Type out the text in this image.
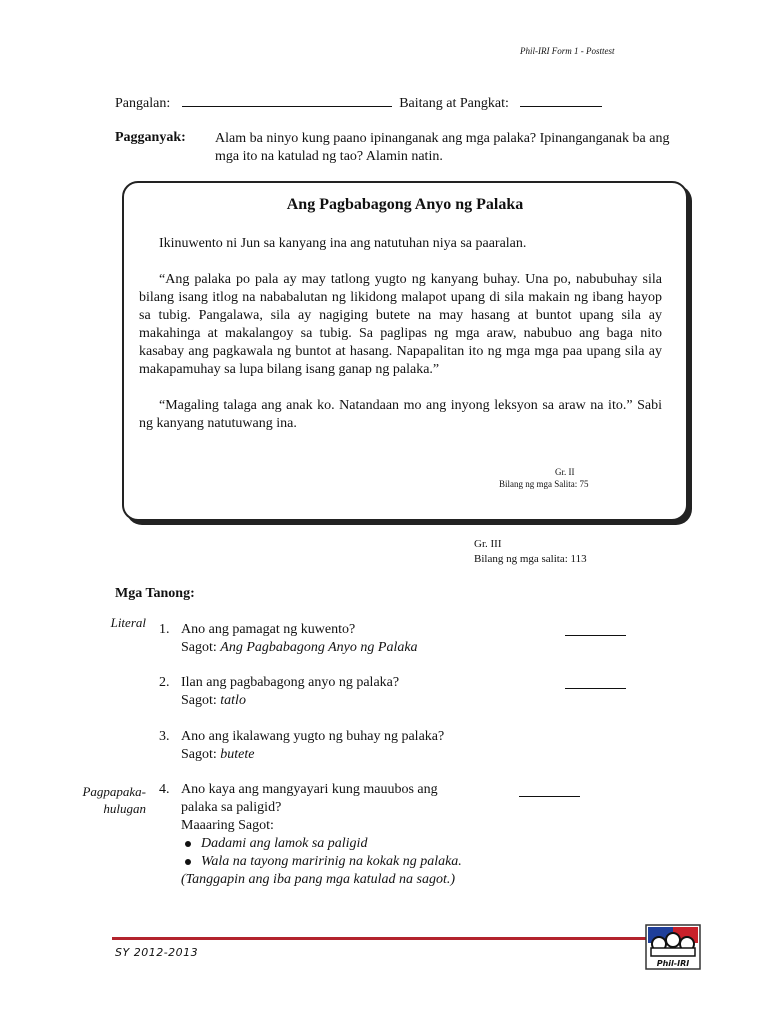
Phil-IRI Form 1 - Posttest
Pangalan:	Baitang at Pangkat:
Pagganyak: Alam ba ninyo kung paano ipinanganak ang mga palaka? Ipinanganganak ba ang mga ito na katulad ng tao? Alamin natin.
Ang Pagbabagong Anyo ng Palaka
Ikinuwento ni Jun sa kanyang ina ang natutuhan niya sa paaralan.
“Ang palaka po pala ay may tatlong yugto ng kanyang buhay. Una po, nabubuhay sila bilang isang itlog na nababalutan ng likidong malapot upang di sila makain ng ibang hayop sa tubig. Pangalawa, sila ay nagiging butete na may hasang at buntot upang sila ay makahinga at makalangoy sa tubig. Sa paglipas ng mga araw, nabubuo ang baga nito kasabay ang pagkawala ng buntot at hasang. Napapalitan ito ng mga mga paa upang sila ay makapamuhay sa lupa bilang isang ganap ng palaka.”
“Magaling talaga ang anak ko. Natandaan mo ang inyong leksyon sa araw na ito.” Sabi ng kanyang natutuwang ina.
Gr. II
Bilang ng mga Salita: 75
Gr. III
Bilang ng mga salita: 113
Mga Tanong:
Literal
Pagpapaka-
hulugan
1. Ano ang pamagat ng kuwento?
Sagot: Ang Pagbabagong Anyo ng Palaka
2. Ilan ang pagbabagong anyo ng palaka?
Sagot: tatlo
3. Ano ang ikalawang yugto ng buhay ng palaka?
Sagot: butete
4. Ano kaya ang mangyayari kung mauubos ang palaka sa paligid?
Maaaring Sagot:
Dadami ang lamok sa paligid
Wala na tayong maririnig na kokak ng palaka.
(Tanggapin ang iba pang mga katulad na sagot.)
SY 2012-2013
Phil-IRI
